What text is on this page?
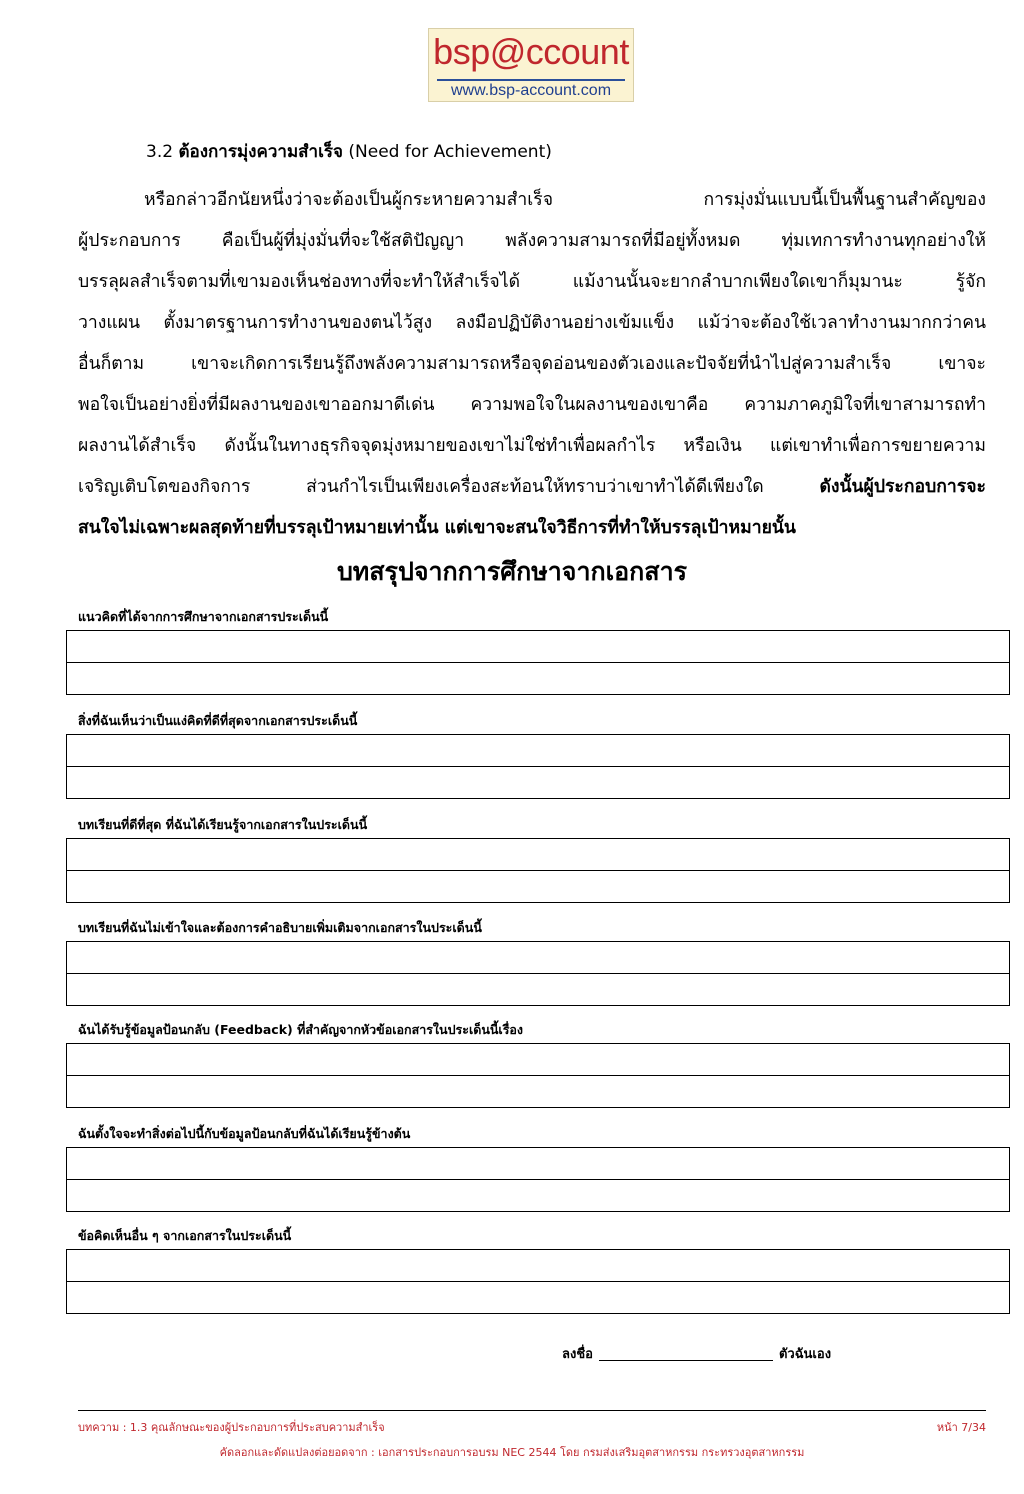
bsp@ccount
www.bsp-account.com
3.2 ต้องการมุ่งความสำเร็จ (Need for Achievement)
หรือกล่าวอีกนัยหนึ่งว่าจะต้องเป็นผู้กระหายความสำเร็จ การมุ่งมั่นแบบนี้เป็นพื้นฐานสำคัญของ
ผู้ประกอบการ คือเป็นผู้ที่มุ่งมั่นที่จะใช้สติปัญญา พลังความสามารถที่มีอยู่ทั้งหมด ทุ่มเทการทำงานทุกอย่างให้
บรรลุผลสำเร็จตามที่เขามองเห็นช่องทางที่จะทำให้สำเร็จได้ แม้งานนั้นจะยากลำบากเพียงใดเขาก็มุมานะ รู้จัก
วางแผน ตั้งมาตรฐานการทำงานของตนไว้สูง ลงมือปฏิบัติงานอย่างเข้มแข็ง แม้ว่าจะต้องใช้เวลาทำงานมากกว่าคน
อื่นก็ตาม เขาจะเกิดการเรียนรู้ถึงพลังความสามารถหรือจุดอ่อนของตัวเองและปัจจัยที่นำไปสู่ความสำเร็จ เขาจะ
พอใจเป็นอย่างยิ่งที่มีผลงานของเขาออกมาดีเด่น ความพอใจในผลงานของเขาคือ ความภาคภูมิใจที่เขาสามารถทำ
ผลงานได้สำเร็จ ดังนั้นในทางธุรกิจจุดมุ่งหมายของเขาไม่ใช่ทำเพื่อผลกำไร หรือเงิน แต่เขาทำเพื่อการขยายความ
เจริญเติบโตของกิจการ ส่วนกำไรเป็นเพียงเครื่องสะท้อนให้ทราบว่าเขาทำได้ดีเพียงใด	ดังนั้นผู้ประกอบการจะ
สนใจไม่เฉพาะผลสุดท้ายที่บรรลุเป้าหมายเท่านั้น แต่เขาจะสนใจวิธีการที่ทำให้บรรลุเป้าหมายนั้น
บทสรุปจากการศึกษาจากเอกสาร
แนวคิดที่ได้จากการศึกษาจากเอกสารประเด็นนี้
สิ่งที่ฉันเห็นว่าเป็นแง่คิดที่ดีที่สุดจากเอกสารประเด็นนี้
บทเรียนที่ดีที่สุด ที่ฉันได้เรียนรู้จากเอกสารในประเด็นนี้
บทเรียนที่ฉันไม่เข้าใจและต้องการคำอธิบายเพิ่มเติมจากเอกสารในประเด็นนี้
ฉันได้รับรู้ข้อมูลป้อนกลับ (Feedback) ที่สำคัญจากหัวข้อเอกสารในประเด็นนี้เรื่อง
ฉันตั้งใจจะทำสิ่งต่อไปนี้กับข้อมูลป้อนกลับที่ฉันได้เรียนรู้ข้างต้น
ข้อคิดเห็นอื่น ๆ จากเอกสารในประเด็นนี้
ลงชื่อ	ตัวฉันเอง
บทความ : 1.3 คุณลักษณะของผู้ประกอบการที่ประสบความสำเร็จ	หน้า 7/34
คัดลอกและดัดแปลงต่อยอดจาก : เอกสารประกอบการอบรม NEC 2544 โดย กรมส่งเสริมอุตสาหกรรม กระทรวงอุตสาหกรรม
